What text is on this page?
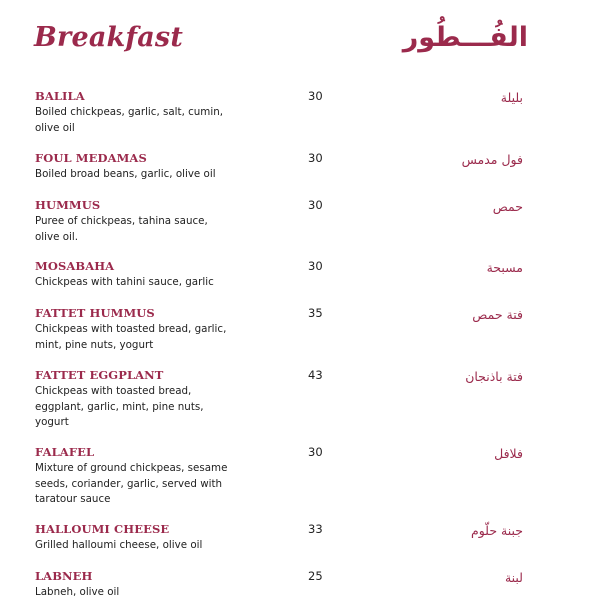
Breakfast	الفُـــطُور
BALILA
Boiled chickpeas, garlic, salt, cumin, olive oil
30	بليلة
FOUL MEDAMAS
Boiled broad beans, garlic, olive oil
30	فول مدمس
HUMMUS
Puree of chickpeas, tahina sauce, olive oil.
30	حمص
MOSABAHA
Chickpeas with tahini sauce, garlic
30	مسبحة
FATTET HUMMUS
Chickpeas with toasted bread, garlic, mint, pine nuts, yogurt
35	فتة حمص
FATTET EGGPLANT
Chickpeas with toasted bread, eggplant, garlic, mint, pine nuts, yogurt
43	فتة باذنجان
FALAFEL
Mixture of ground chickpeas, sesame seeds, coriander, garlic, served with taratour sauce
30	فلافل
HALLOUMI CHEESE
Grilled halloumi cheese, olive oil
33	جبنة حلّوم
LABNEH
Labneh, olive oil
25	لبنة
